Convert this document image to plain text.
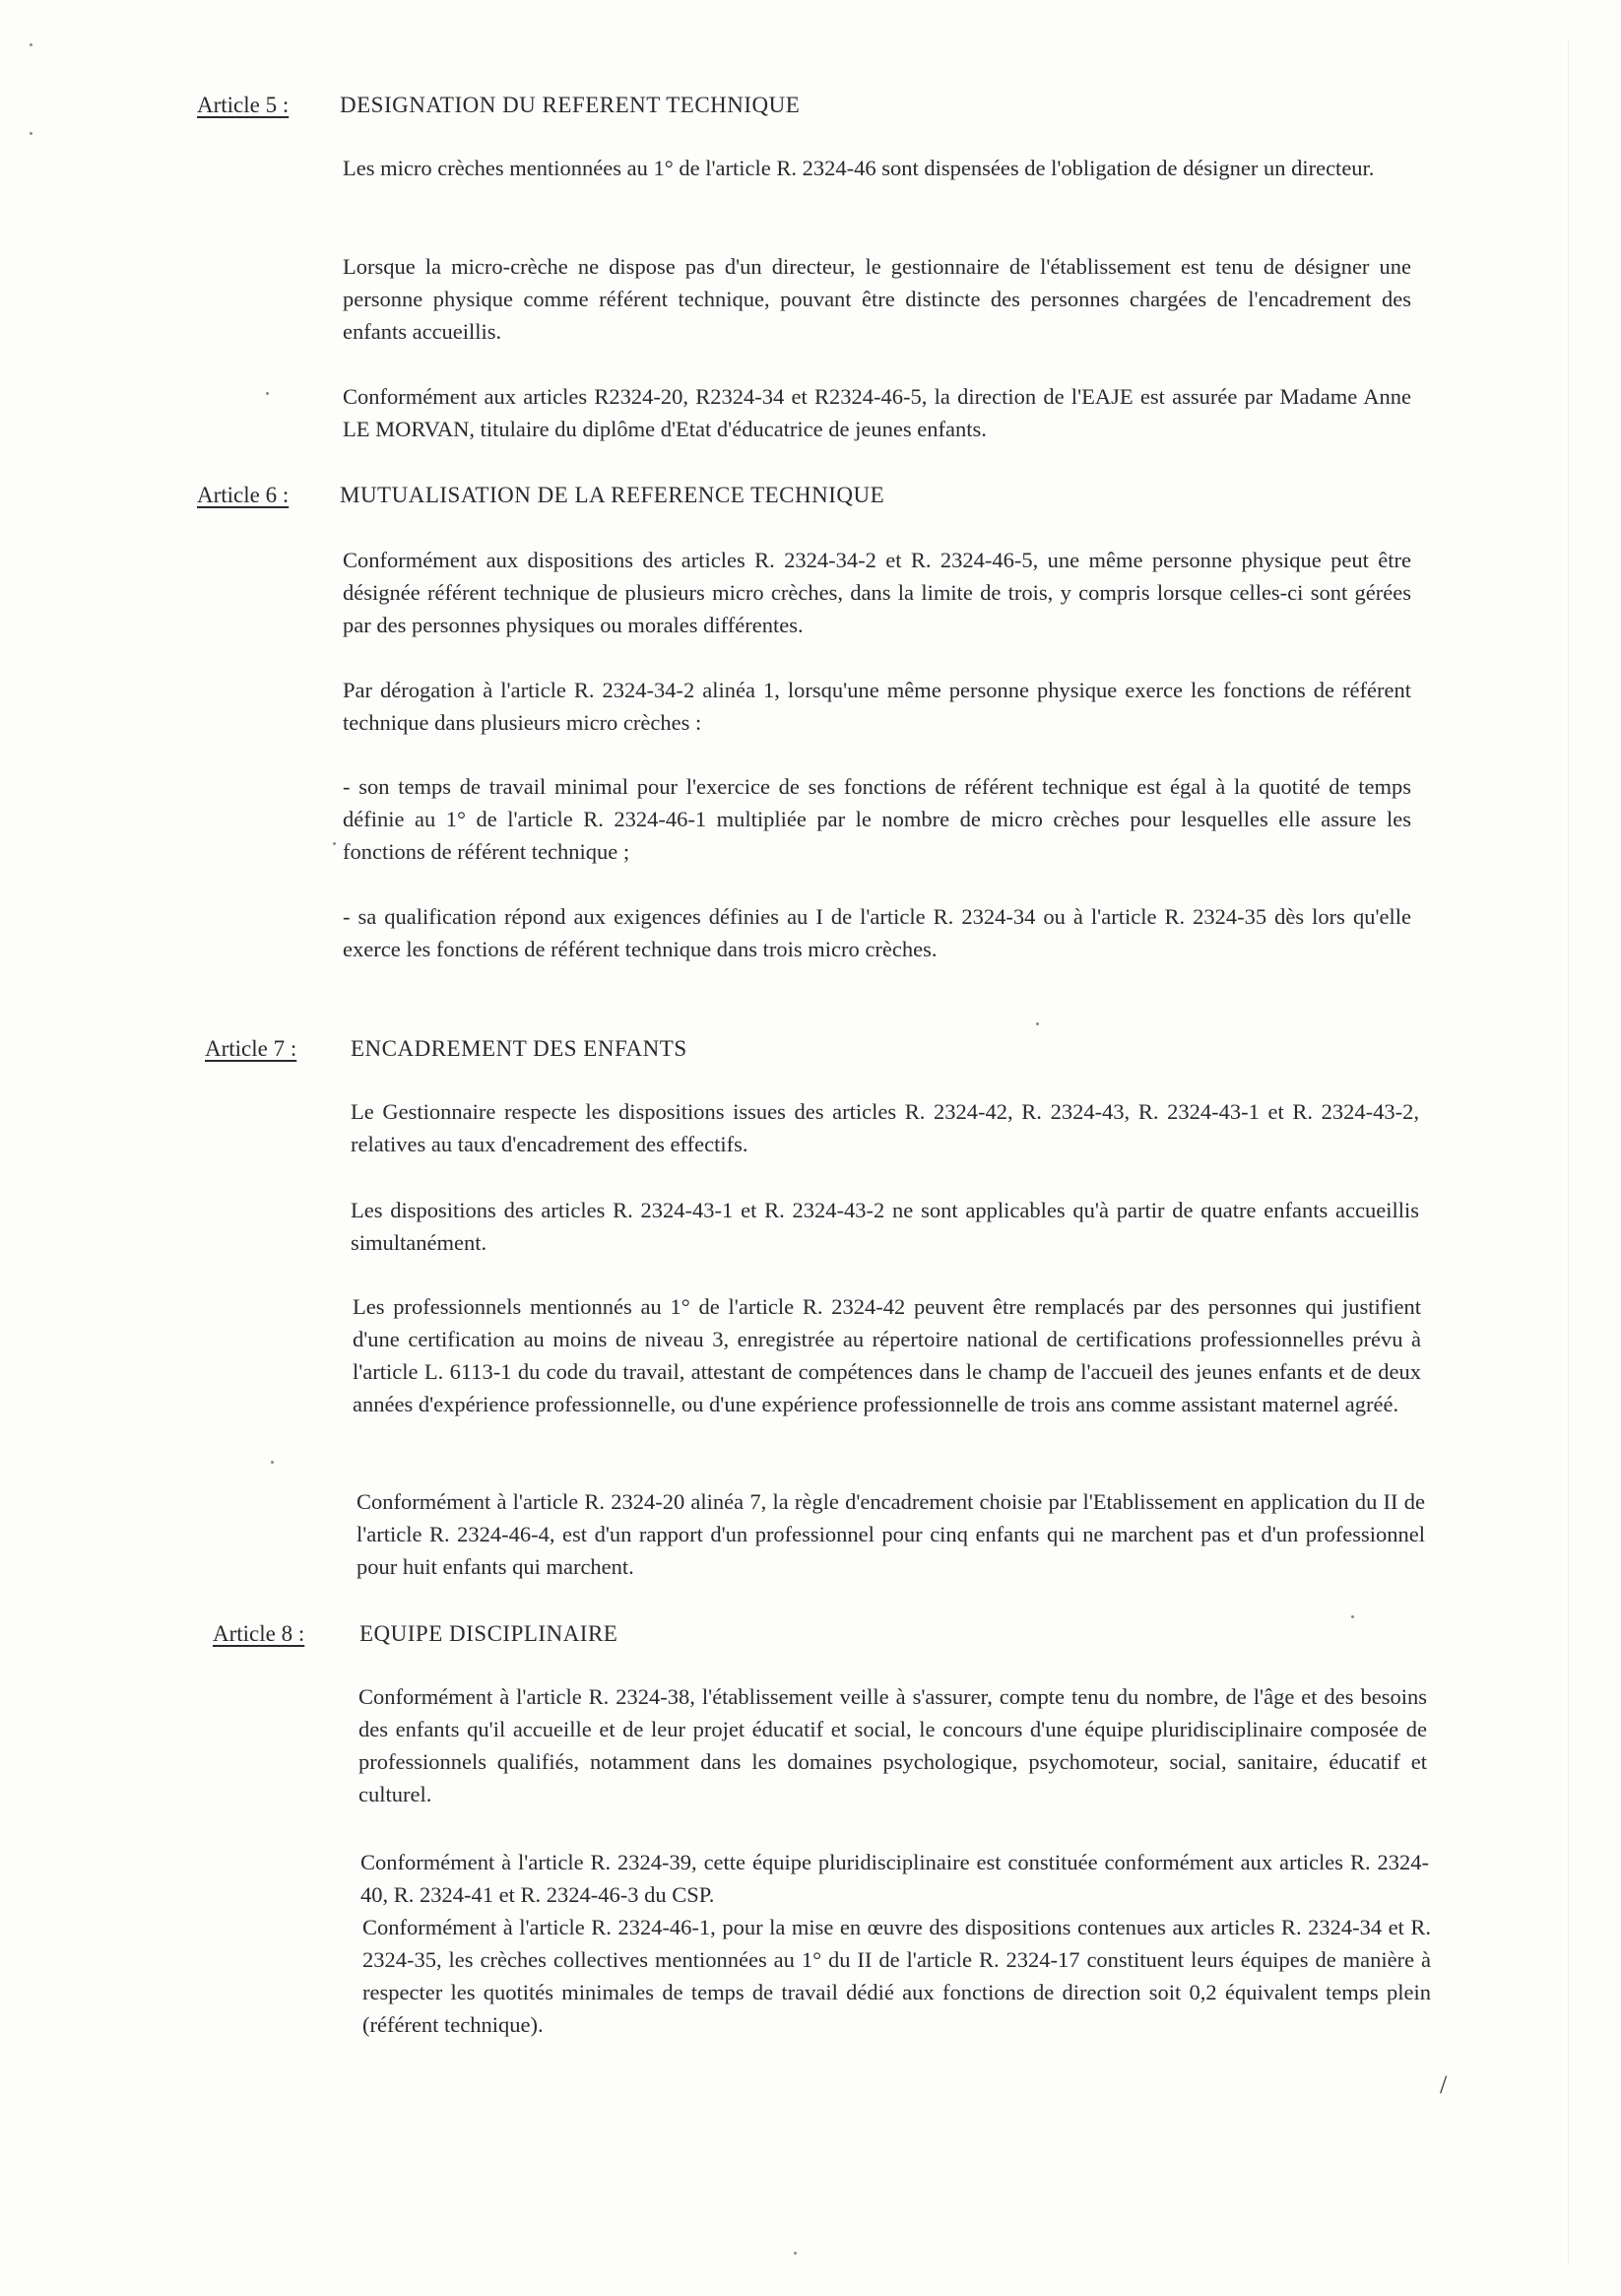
Article 5 : DESIGNATION DU REFERENT TECHNIQUE

Les micro crèches mentionnées au 1° de l'article R. 2324-46 sont dispensées de l'obligation de désigner un directeur.

Lorsque la micro-crèche ne dispose pas d'un directeur, le gestionnaire de l'établissement est tenu de désigner une personne physique comme référent technique, pouvant être distincte des personnes chargées de l'encadrement des enfants accueillis.

Conformément aux articles R2324-20, R2324-34 et R2324-46-5, la direction de l'EAJE est assurée par Madame Anne LE MORVAN, titulaire du diplôme d'Etat d'éducatrice de jeunes enfants.

Article 6 : MUTUALISATION DE LA REFERENCE TECHNIQUE

Conformément aux dispositions des articles R. 2324-34-2 et R. 2324-46-5, une même personne physique peut être désignée référent technique de plusieurs micro crèches, dans la limite de trois, y compris lorsque celles-ci sont gérées par des personnes physiques ou morales différentes.

Par dérogation à l'article R. 2324-34-2 alinéa 1, lorsqu'une même personne physique exerce les fonctions de référent technique dans plusieurs micro crèches :

- son temps de travail minimal pour l'exercice de ses fonctions de référent technique est égal à la quotité de temps définie au 1° de l'article R. 2324-46-1 multipliée par le nombre de micro crèches pour lesquelles elle assure les fonctions de référent technique ;

- sa qualification répond aux exigences définies au I de l'article R. 2324-34 ou à l'article R. 2324-35 dès lors qu'elle exerce les fonctions de référent technique dans trois micro crèches.

Article 7 : ENCADREMENT DES ENFANTS

Le Gestionnaire respecte les dispositions issues des articles R. 2324-42, R. 2324-43, R. 2324-43-1 et R. 2324-43-2, relatives au taux d'encadrement des effectifs.

Les dispositions des articles R. 2324-43-1 et R. 2324-43-2 ne sont applicables qu'à partir de quatre enfants accueillis simultanément.

Les professionnels mentionnés au 1° de l'article R. 2324-42 peuvent être remplacés par des personnes qui justifient d'une certification au moins de niveau 3, enregistrée au répertoire national de certifications professionnelles prévu à l'article L. 6113-1 du code du travail, attestant de compétences dans le champ de l'accueil des jeunes enfants et de deux années d'expérience professionnelle, ou d'une expérience professionnelle de trois ans comme assistant maternel agréé.

Conformément à l'article R. 2324-20 alinéa 7, la règle d'encadrement choisie par l'Etablissement en application du II de l'article R. 2324-46-4, est d'un rapport d'un professionnel pour cinq enfants qui ne marchent pas et d'un professionnel pour huit enfants qui marchent.

Article 8 : EQUIPE DISCIPLINAIRE

Conformément à l'article R. 2324-38, l'établissement veille à s'assurer, compte tenu du nombre, de l'âge et des besoins des enfants qu'il accueille et de leur projet éducatif et social, le concours d'une équipe pluridisciplinaire composée de professionnels qualifiés, notamment dans les domaines psychologique, psychomoteur, social, sanitaire, éducatif et culturel.

Conformément à l'article R. 2324-39, cette équipe pluridisciplinaire est constituée conformément aux articles R. 2324-40, R. 2324-41 et R. 2324-46-3 du CSP.

Conformément à l'article R. 2324-46-1, pour la mise en œuvre des dispositions contenues aux articles R. 2324-34 et R. 2324-35, les crèches collectives mentionnées au 1° du II de l'article R. 2324-17 constituent leurs équipes de manière à respecter les quotités minimales de temps de travail dédié aux fonctions de direction soit 0,2 équivalent temps plein (référent technique).

/
